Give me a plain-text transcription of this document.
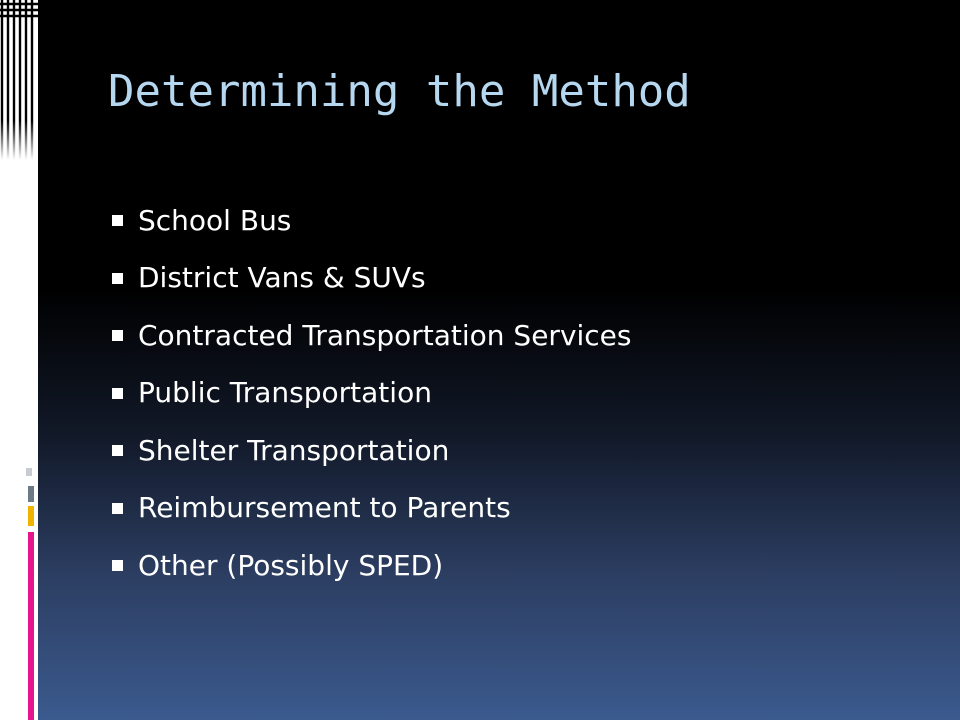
Determining the Method
School Bus
District Vans & SUVs
Contracted Transportation Services
Public Transportation
Shelter Transportation
Reimbursement to Parents
Other (Possibly SPED)
